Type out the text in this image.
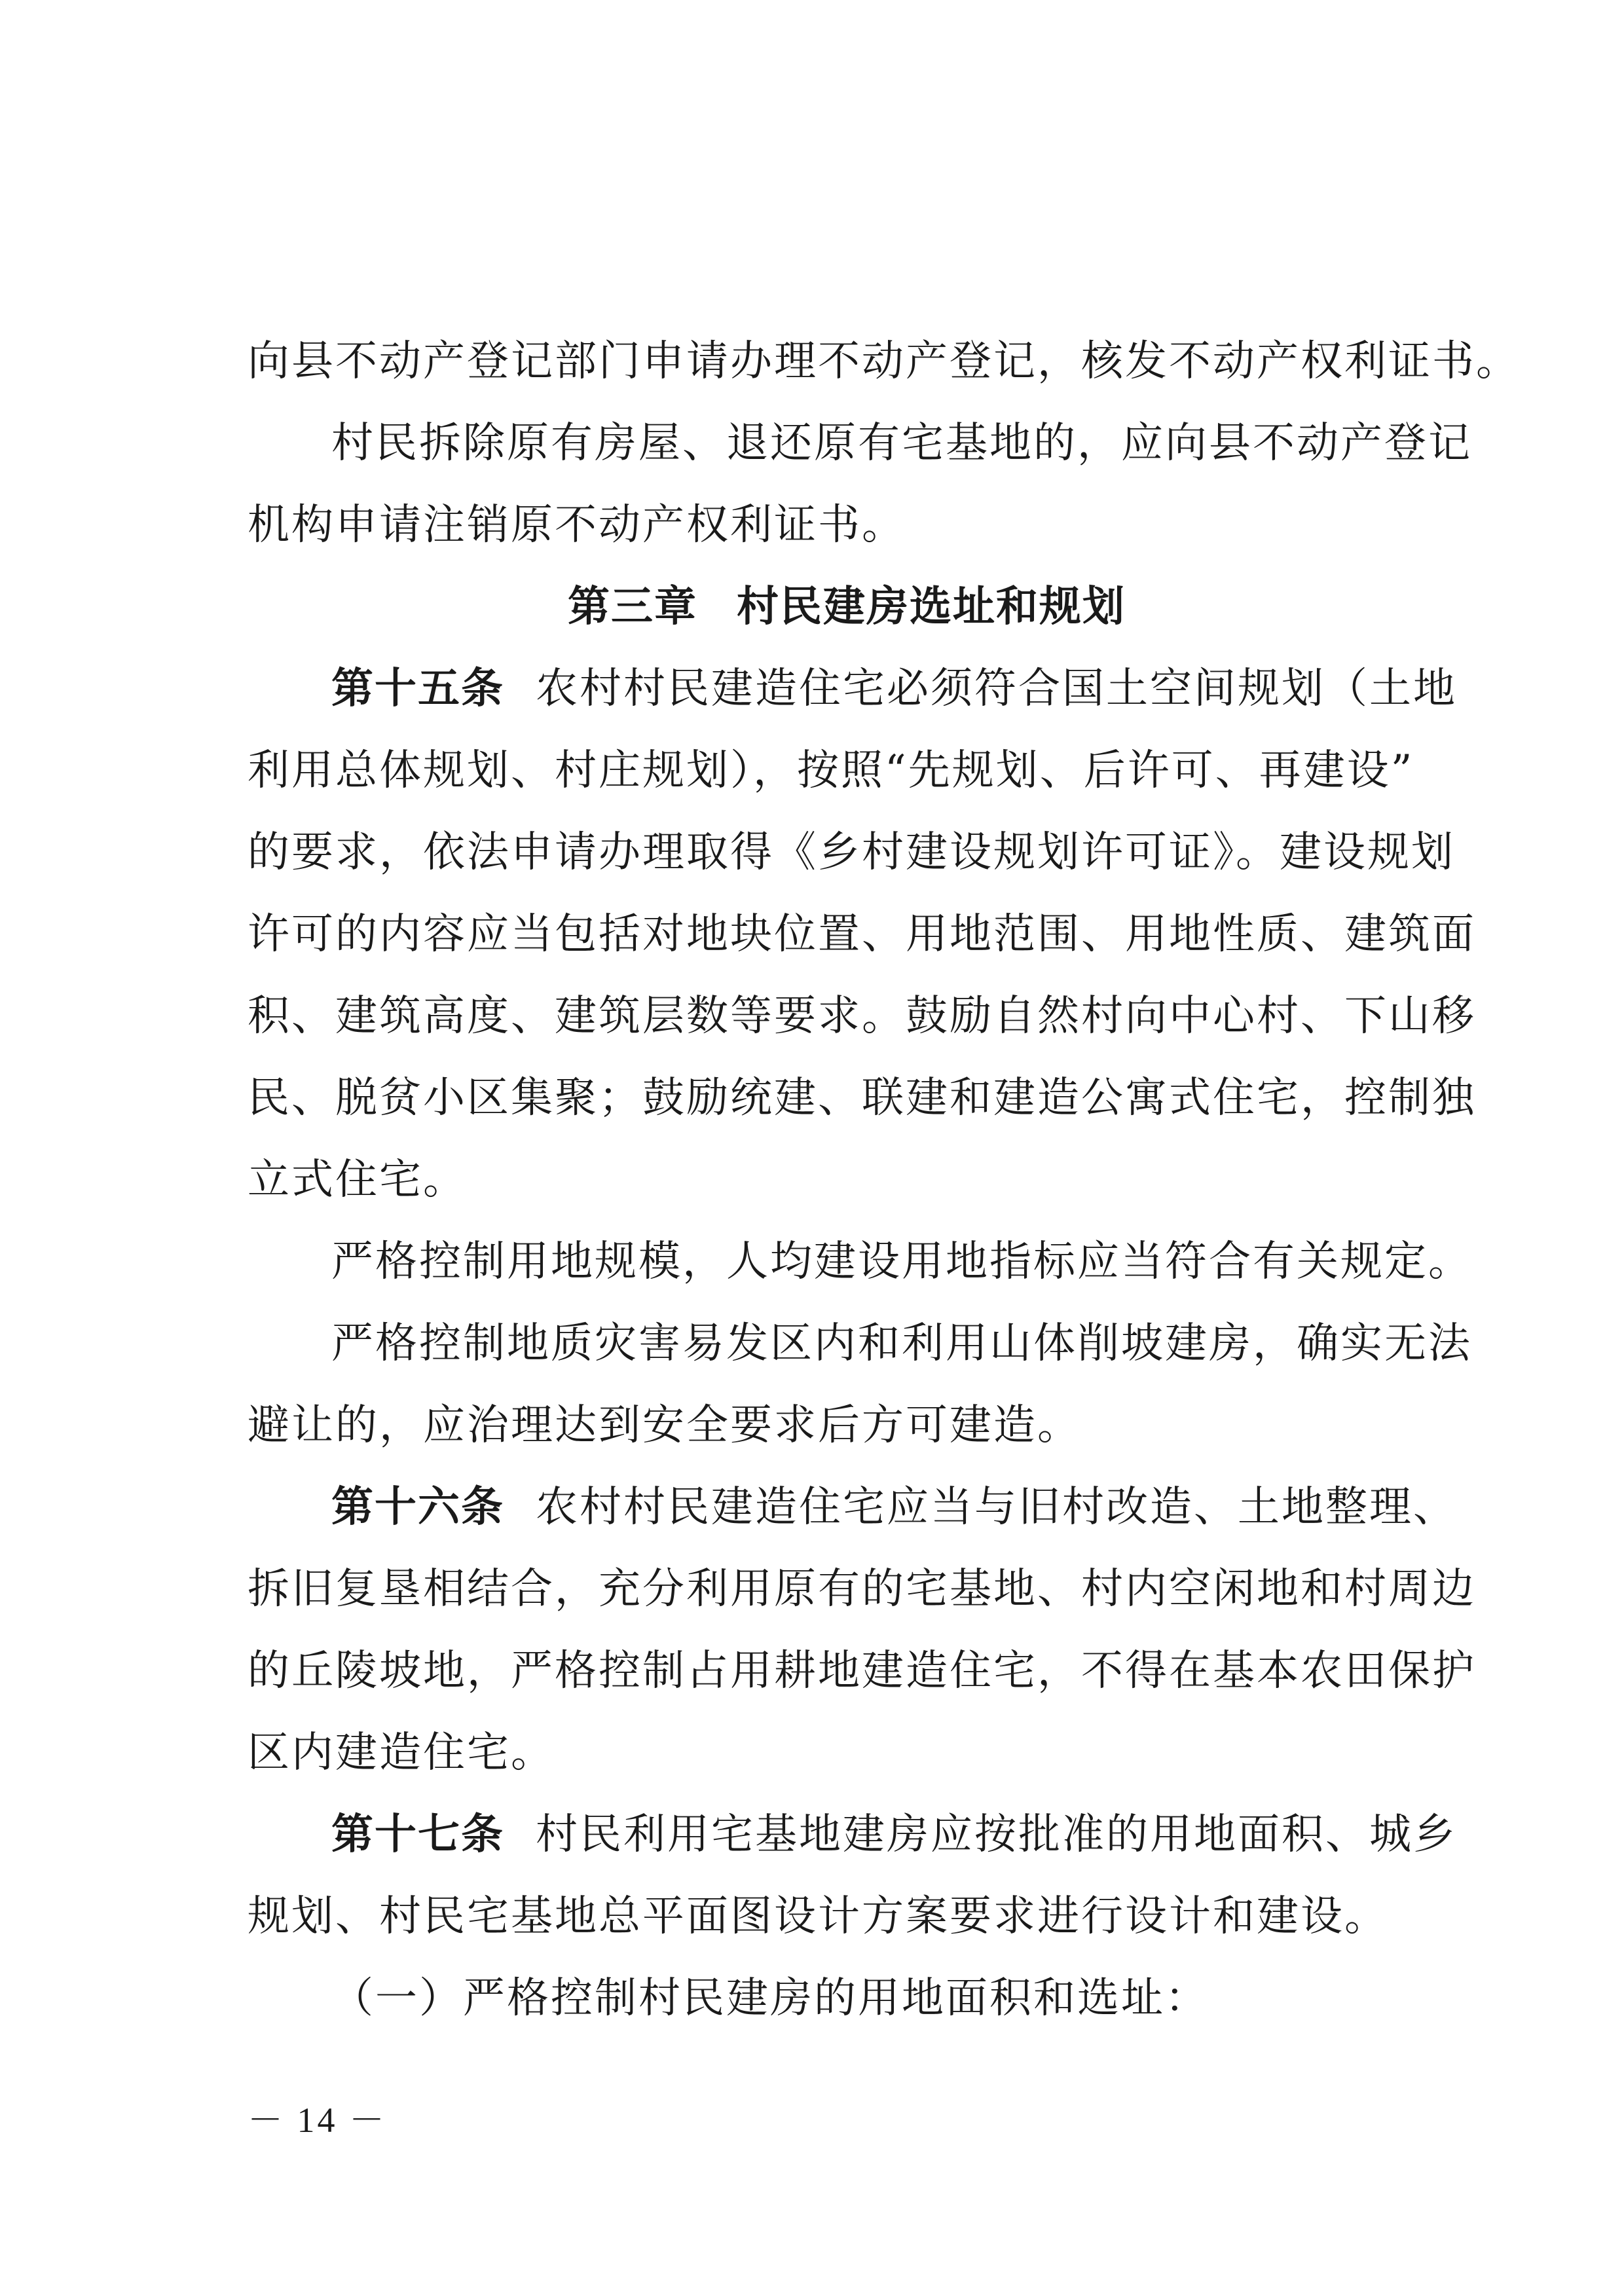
向县不动产登记部门申请办理不动产登记，核发不动产权利证书。
村民拆除原有房屋、退还原有宅基地的，应向县不动产登记
机构申请注销原不动产权利证书。
第三章 村民建房选址和规划
第十五条 农村村民建造住宅必须符合国土空间规划（土地
利用总体规划、村庄规划），按照“先规划、后许可、再建设”
的要求，依法申请办理取得《乡村建设规划许可证》。建设规划
许可的内容应当包括对地块位置、用地范围、用地性质、建筑面
积、建筑高度、建筑层数等要求。鼓励自然村向中心村、下山移
民、脱贫小区集聚；鼓励统建、联建和建造公寓式住宅，控制独
立式住宅。
严格控制用地规模，人均建设用地指标应当符合有关规定。
严格控制地质灾害易发区内和利用山体削坡建房，确实无法
避让的，应治理达到安全要求后方可建造。
第十六条 农村村民建造住宅应当与旧村改造、土地整理、
拆旧复垦相结合，充分利用原有的宅基地、村内空闲地和村周边
的丘陵坡地，严格控制占用耕地建造住宅，不得在基本农田保护
区内建造住宅。
第十七条 村民利用宅基地建房应按批准的用地面积、城乡
规划、村民宅基地总平面图设计方案要求进行设计和建设。
（一）严格控制村民建房的用地面积和选址：
－ 14 －
